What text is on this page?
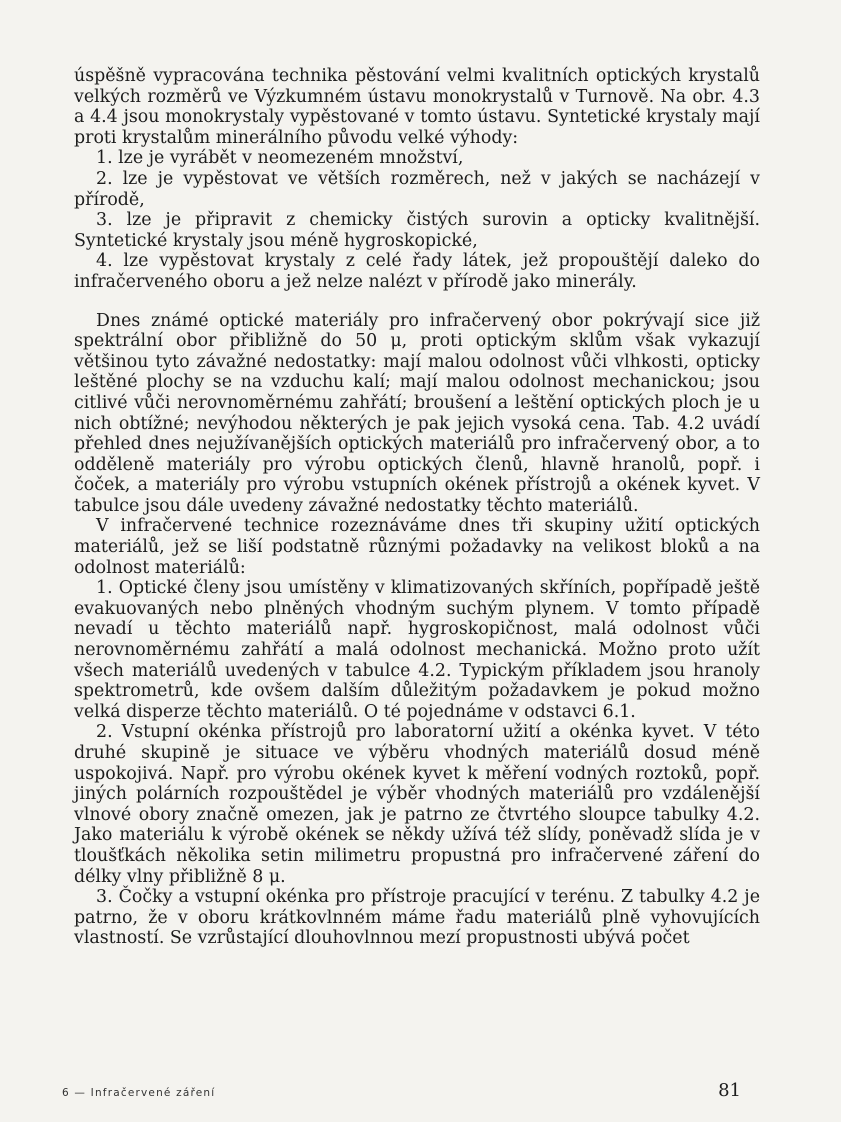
úspěšně vypracována technika pěstování velmi kvalitních optických krystalů velkých rozměrů ve Výzkumném ústavu monokrystalů v Turnově. Na obr. 4.3 a 4.4 jsou monokrystaly vypěstované v tomto ústavu. Syntetické krystaly mají proti krystalům minerálního původu velké výhody:

1. lze je vyrábět v neomezeném množství,

2. lze je vypěstovat ve větších rozměrech, než v jakých se nacházejí v přírodě,

3. lze je připravit z chemicky čistých surovin a opticky kvalitnější. Syntetické krystaly jsou méně hygroskopické,

4. lze vypěstovat krystaly z celé řady látek, jež propouštějí daleko do infračerveného oboru a jež nelze nalézt v přírodě jako minerály.

Dnes známé optické materiály pro infračervený obor pokrývají sice již spektrální obor přibližně do 50 μ, proti optickým sklům však vykazují většinou tyto závažné nedostatky: mají malou odolnost vůči vlhkosti, opticky leštěné plochy se na vzduchu kalí; mají malou odolnost mechanickou; jsou citlivé vůči nerovnoměrnému zahřátí; broušení a leštění optických ploch je u nich obtížné; nevýhodou některých je pak jejich vysoká cena. Tab. 4.2 uvádí přehled dnes nejužívanějších optických materiálů pro infračervený obor, a to odděleně materiály pro výrobu optických členů, hlavně hranolů, popř. i čoček, a materiály pro výrobu vstupních okének přístrojů a okének kyvet. V tabulce jsou dále uvedeny závažné nedostatky těchto materiálů.

V infračervené technice rozeznáváme dnes tři skupiny užití optických materiálů, jež se liší podstatně různými požadavky na velikost bloků a na odolnost materiálů:

1. Optické členy jsou umístěny v klimatizovaných skříních, popřípadě ještě evakuovaných nebo plněných vhodným suchým plynem. V tomto případě nevadí u těchto materiálů např. hygroskopičnost, malá odolnost vůči nerovnoměrnému zahřátí a malá odolnost mechanická. Možno proto užít všech materiálů uvedených v tabulce 4.2. Typickým příkladem jsou hranoly spektrometrů, kde ovšem dalším důležitým požadavkem je pokud možno velká disperze těchto materiálů. O té pojednáme v odstavci 6.1.

2. Vstupní okénka přístrojů pro laboratorní užití a okénka kyvet. V této druhé skupině je situace ve výběru vhodných materiálů dosud méně uspokojivá. Např. pro výrobu okének kyvet k měření vodných roztoků, popř. jiných polárních rozpouštědel je výběr vhodných materiálů pro vzdálenější vlnové obory značně omezen, jak je patrno ze čtvrtého sloupce tabulky 4.2. Jako materiálu k výrobě okének se někdy užívá též slídy, poněvadž slída je v tloušťkách několika setin milimetru propustná pro infračervené záření do délky vlny přibližně 8 μ.

3. Čočky a vstupní okénka pro přístroje pracující v terénu. Z tabulky 4.2 je patrno, že v oboru krátkovlnném máme řadu materiálů plně vyhovujících vlastností. Se vzrůstající dlouhovlnnou mezí propustnosti ubývá počet

6 — Infračervené záření	81
